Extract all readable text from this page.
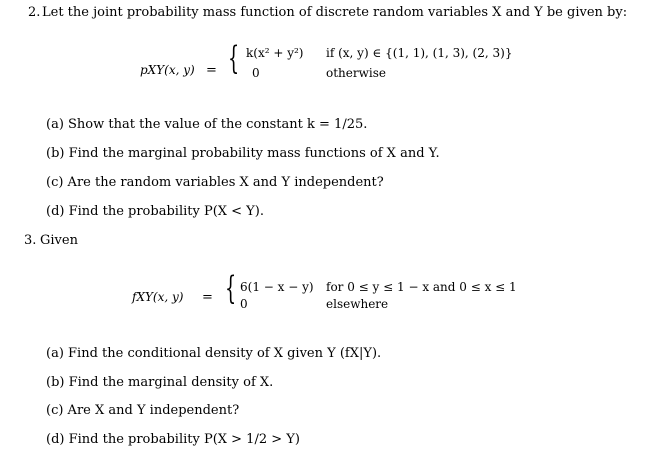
2. Let the joint probability mass function of discrete random variables X and Y be given by:
pXY(x, y) = { k(x² + y²) if (x, y) ∈ {(1, 1), (1, 3), (2, 3)}
0	otherwise
(a) Show that the value of the constant k = 1/25.
(b) Find the marginal probability mass functions of X and Y.
(c) Are the random variables X and Y independent?
(d) Find the probability P(X < Y).
3. Given
fXY(x, y) = { 6(1 − x − y) for 0 ≤ y ≤ 1 − x and 0 ≤ x ≤ 1
0	elsewhere
(a) Find the conditional density of X given Y (fX|Y).
(b) Find the marginal density of X.
(c) Are X and Y independent?
(d) Find the probability P(X > 1/2 > Y)
